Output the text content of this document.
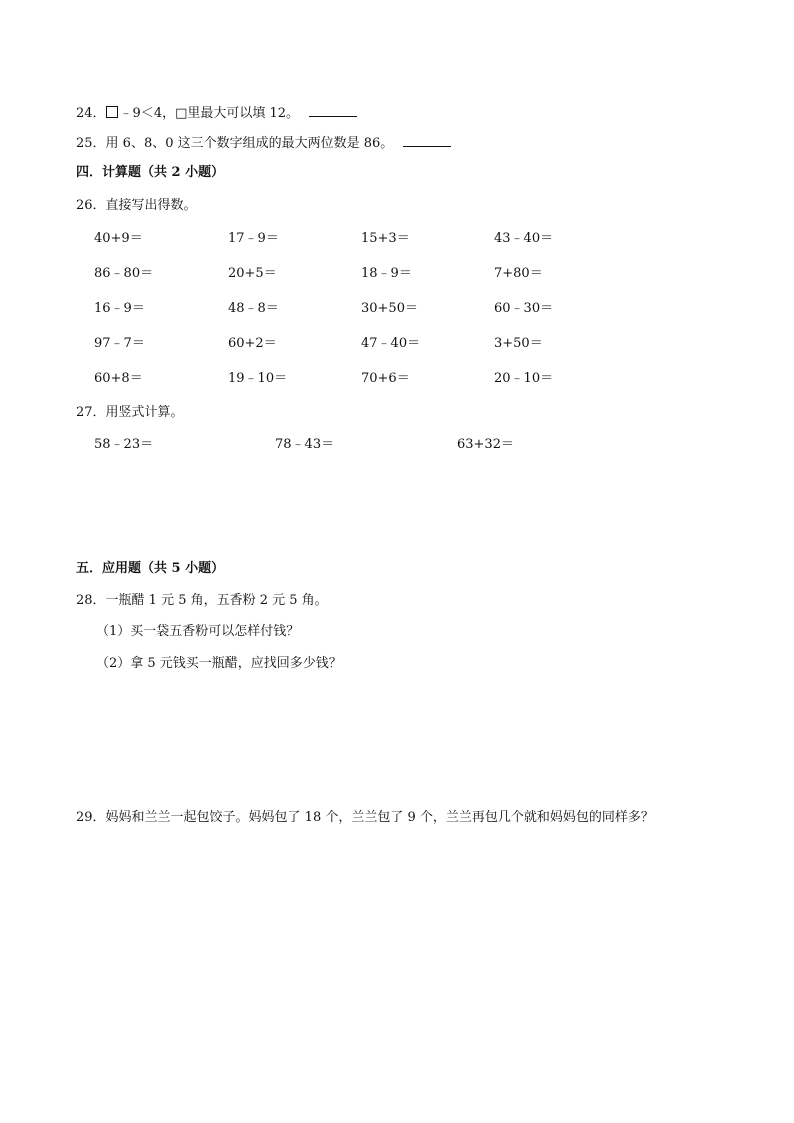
24． ﹣9＜4，□里最大可以填 12。
25．用 6、8、0 这三个数字组成的最大两位数是 86。
四．计算题（共 2 小题）
26．直接写出得数。
40+9＝	17﹣9＝	15+3＝	43﹣40＝
86﹣80＝	20+5＝	18﹣9＝	7+80＝
16﹣9＝	48﹣8＝	30+50＝	60﹣30＝
97﹣7＝	60+2＝	47﹣40＝	3+50＝
60+8＝	19﹣10＝	70+6＝	20﹣10＝
27．用竖式计算。
58﹣23＝	78﹣43＝	63+32＝
五．应用题（共 5 小题）
28．一瓶醋 1 元 5 角，五香粉 2 元 5 角。
（1）买一袋五香粉可以怎样付钱？
（2）拿 5 元钱买一瓶醋，应找回多少钱？
29．妈妈和兰兰一起包饺子。妈妈包了 18 个，兰兰包了 9 个，兰兰再包几个就和妈妈包的同样多？
